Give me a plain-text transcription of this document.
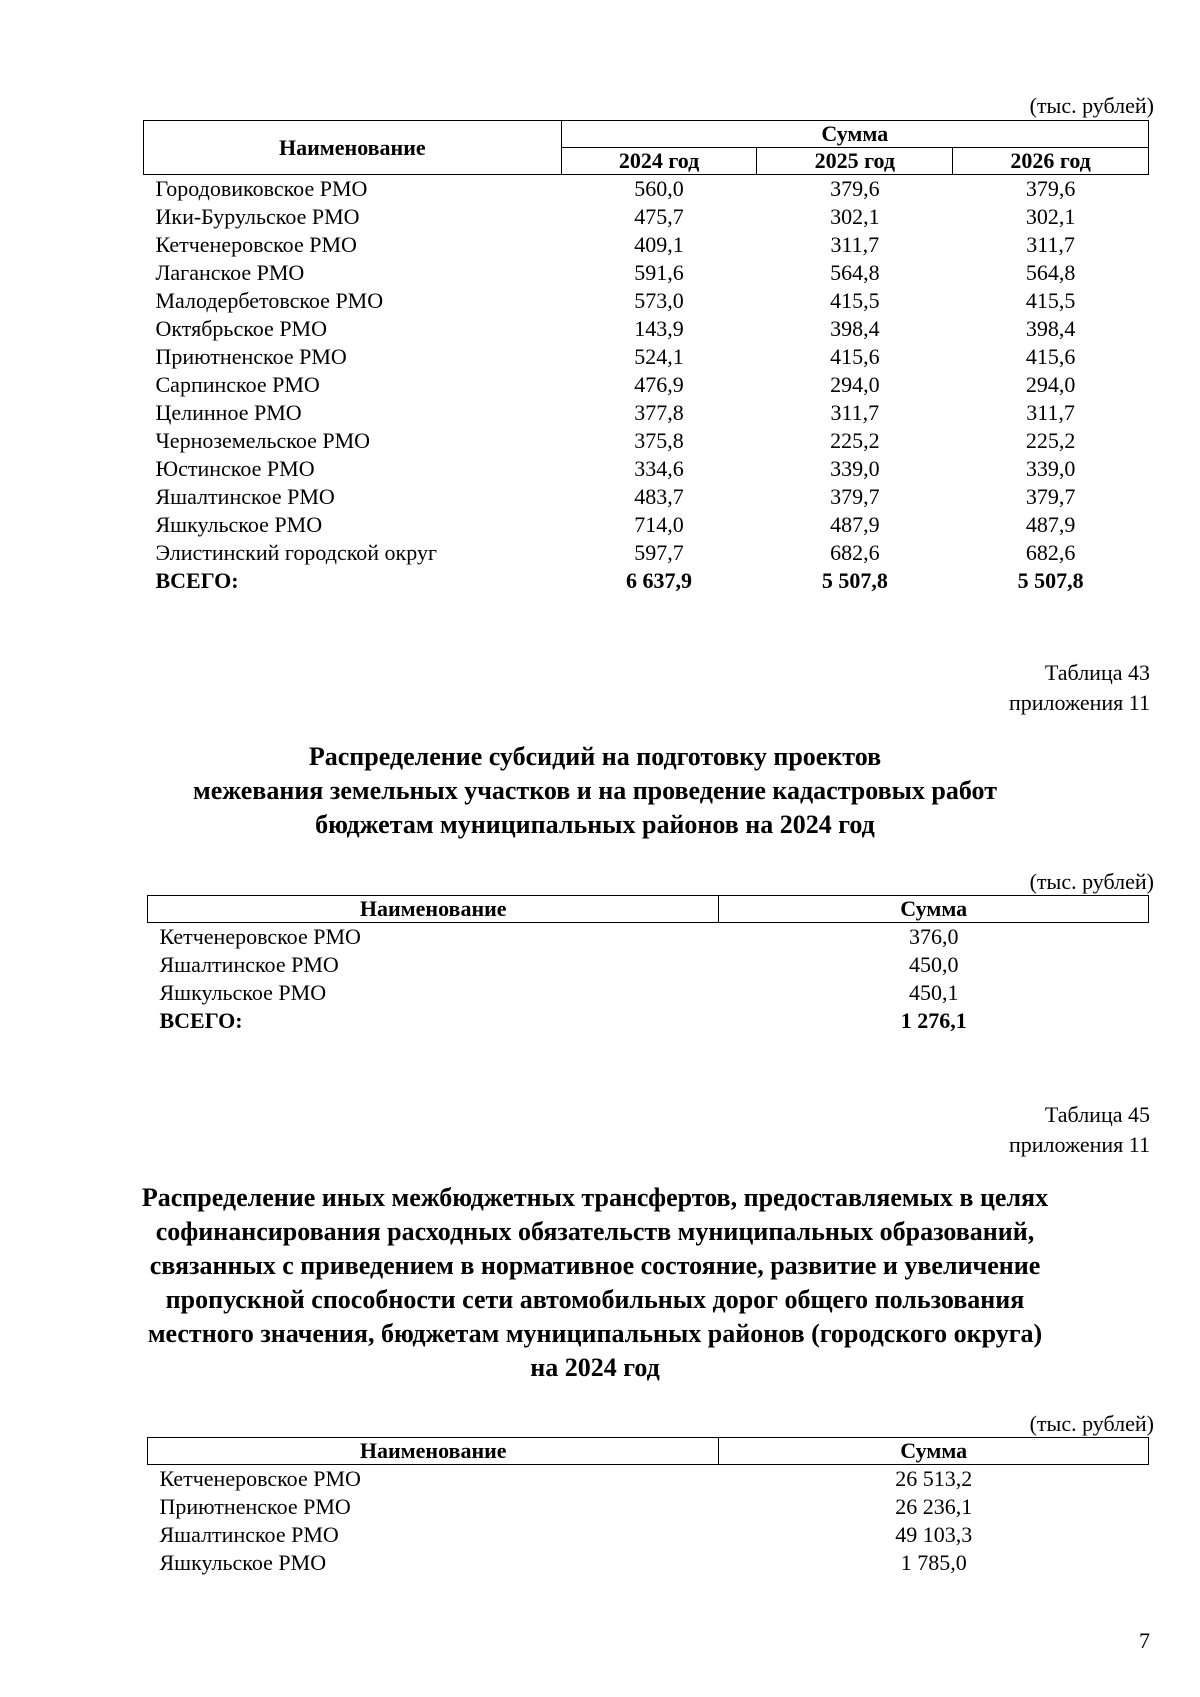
(тыс. рублей)
Наименование	Сумма		
	2024 год	2025 год	2026 год
Городовиковское РМО	560,0	379,6	379,6
Ики-Бурульское РМО	475,7	302,1	302,1
Кетченеровское РМО	409,1	311,7	311,7
Лаганское РМО	591,6	564,8	564,8
Малодербетовское РМО	573,0	415,5	415,5
Октябрьское РМО	143,9	398,4	398,4
Приютненское РМО	524,1	415,6	415,6
Сарпинское РМО	476,9	294,0	294,0
Целинное РМО	377,8	311,7	311,7
Черноземельское РМО	375,8	225,2	225,2
Юстинское РМО	334,6	339,0	339,0
Яшалтинское РМО	483,7	379,7	379,7
Яшкульское РМО	714,0	487,9	487,9
Элистинский городской округ	597,7	682,6	682,6
ВСЕГО:	6 637,9	5 507,8	5 507,8
Таблица 43
приложения 11
Распределение субсидий на подготовку проектов
межевания земельных участков и на проведение кадастровых работ
бюджетам муниципальных районов на 2024 год
(тыс. рублей)
Наименование	Сумма
Кетченеровское РМО	376,0
Яшалтинское РМО	450,0
Яшкульское РМО	450,1
ВСЕГО:	1 276,1
Таблица 45
приложения 11
Распределение иных межбюджетных трансфертов, предоставляемых в целях
софинансирования расходных обязательств муниципальных образований,
связанных с приведением в нормативное состояние, развитие и увеличение
пропускной способности сети автомобильных дорог общего пользования
местного значения, бюджетам муниципальных районов (городского округа)
на 2024 год
(тыс. рублей)
Наименование	Сумма
Кетченеровское РМО	26 513,2
Приютненское РМО	26 236,1
Яшалтинское РМО	49 103,3
Яшкульское РМО	1 785,0
7
